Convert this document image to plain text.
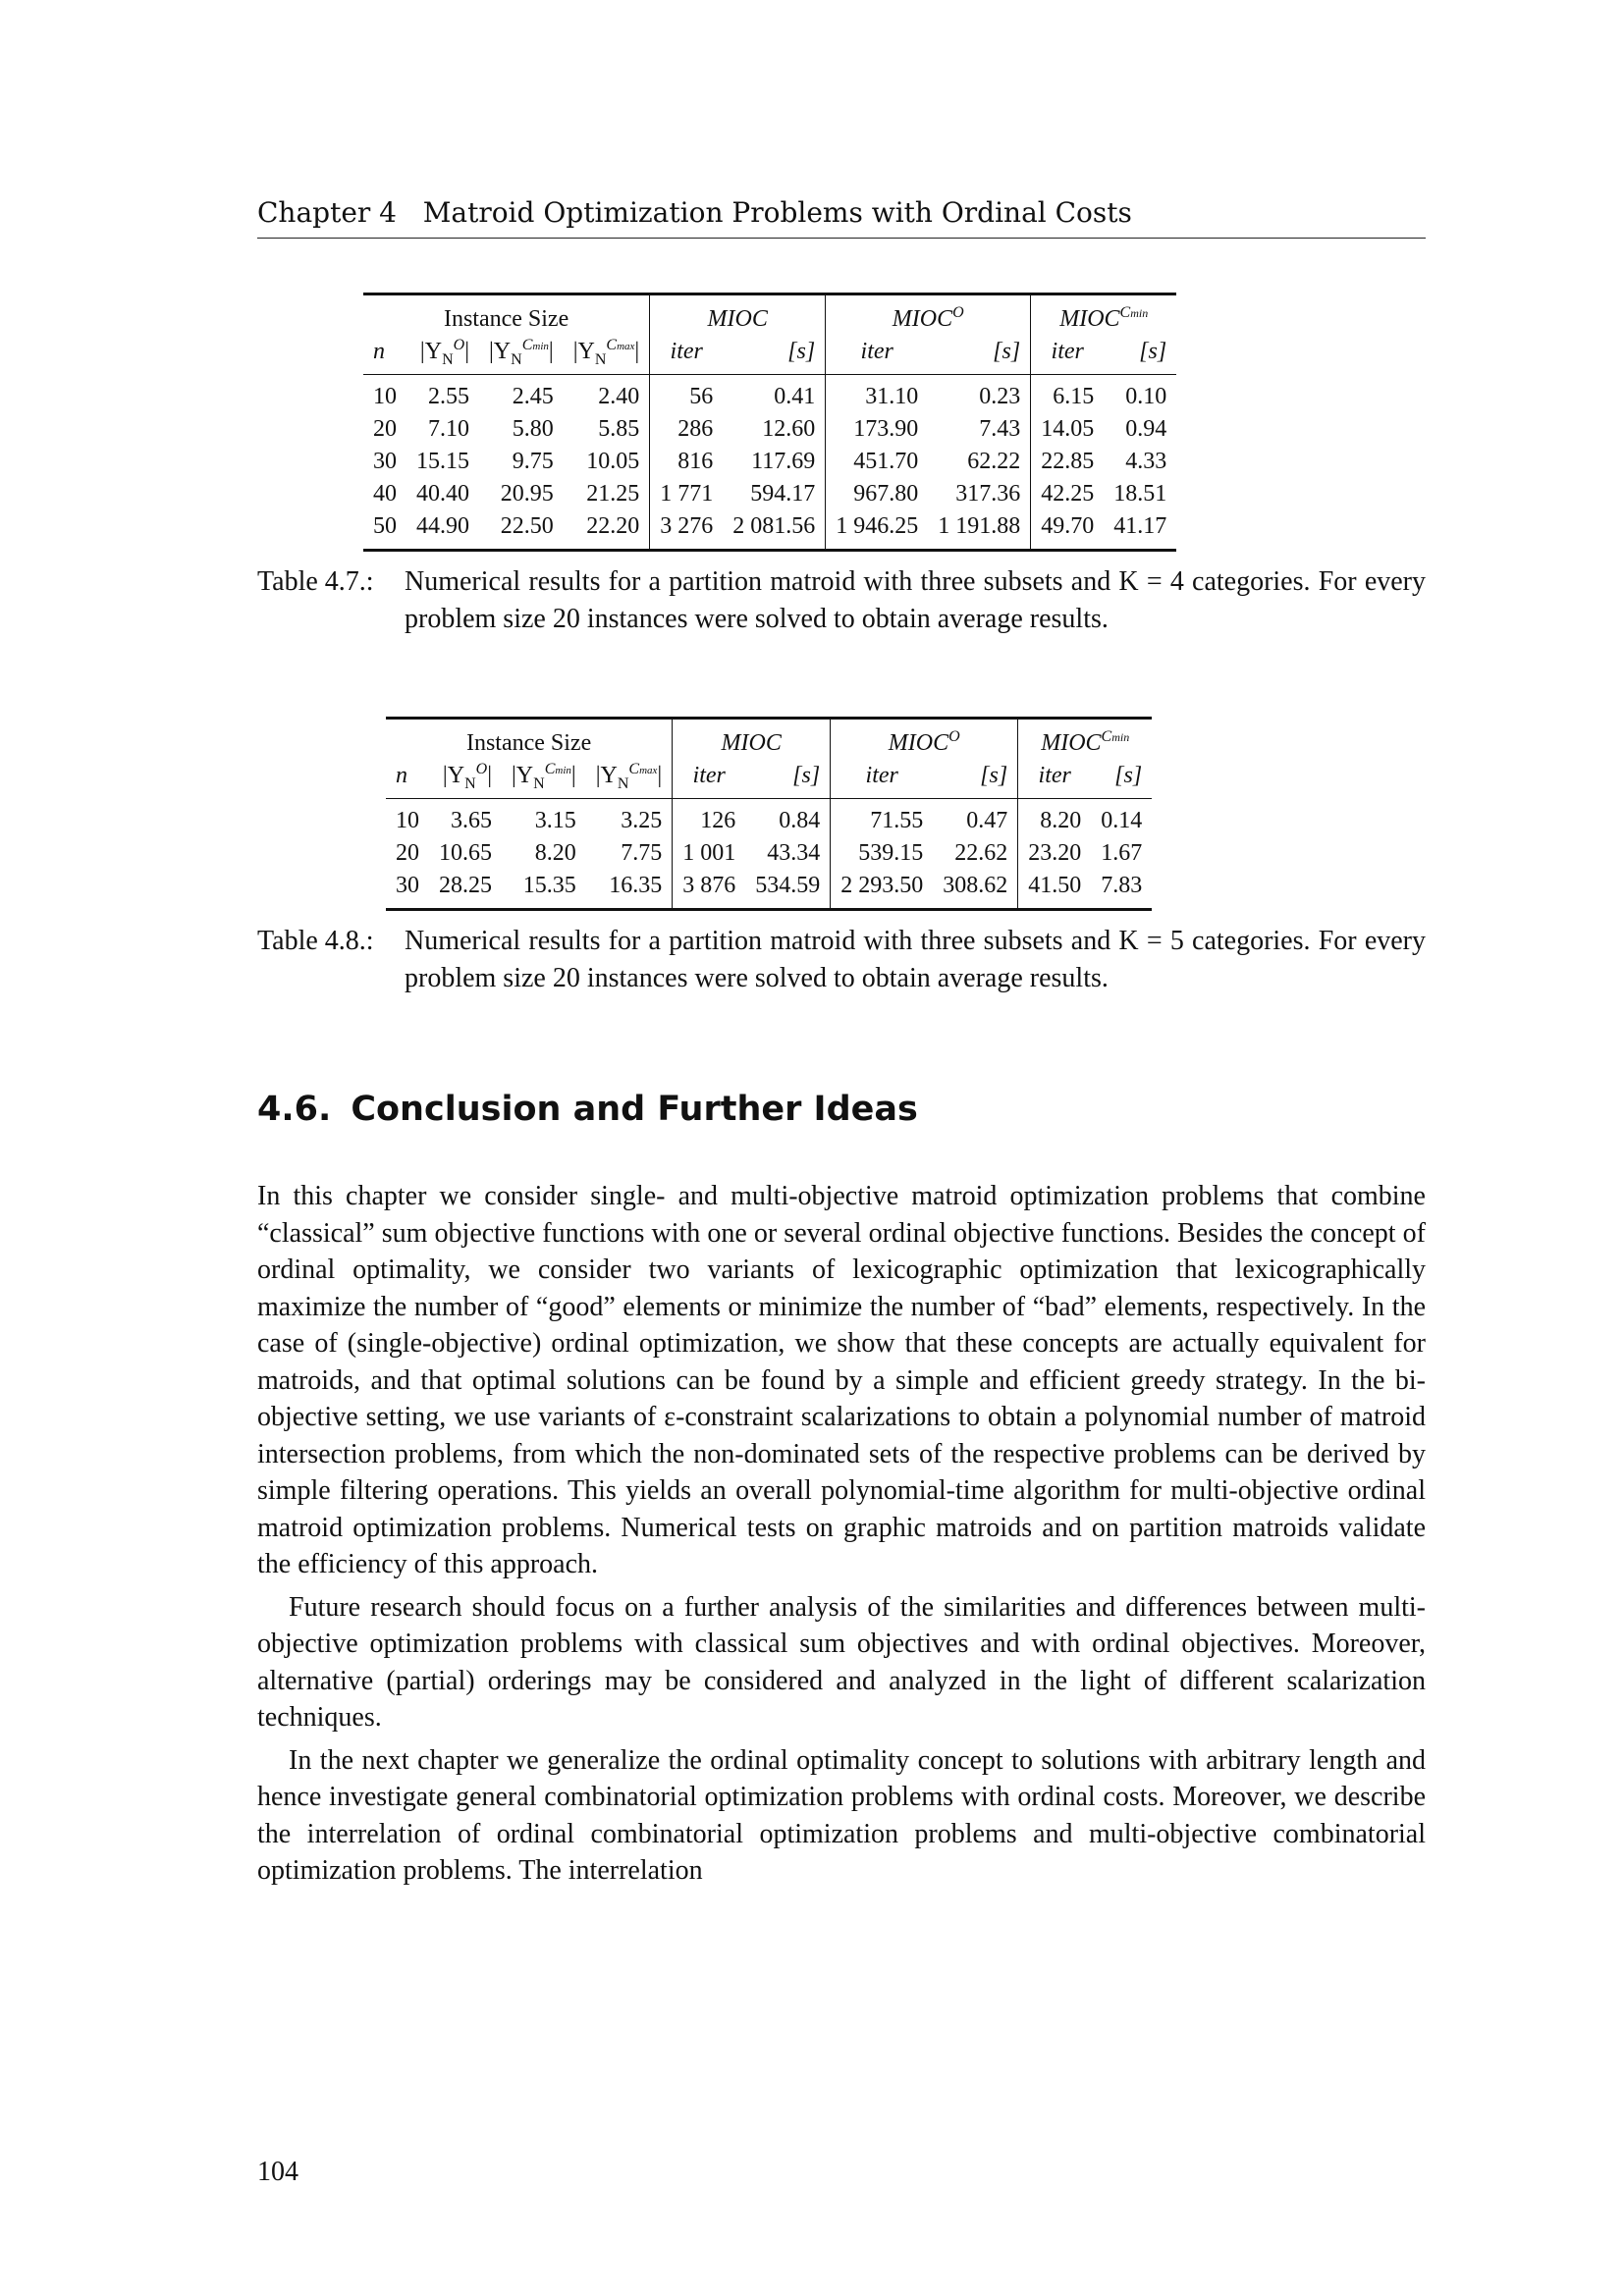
Chapter 4 Matroid Optimization Problems with Ordinal Costs
Instance Size				MIOC		$MIOC^O$		$MIOC^{Cmin}$
n	$|Y_N^O|$	$|Y_N^{Cmin}|$	$|Y_N^{Cmax}|$	iter	[s]	iter	[s]	iter	[s]
10	2.55	2.45	2.40	56	0.41	31.10	0.23	6.15	0.10
20	7.10	5.80	5.85	286	12.60	173.90	7.43	14.05	0.94
30	15.15	9.75	10.05	816	117.69	451.70	62.22	22.85	4.33
40	40.40	20.95	21.25	1 771	594.17	967.80	317.36	42.25	18.51
50	44.90	22.50	22.20	3 276	2 081.56	1 946.25	1 191.88	49.70	41.17
Table 4.7.: Numerical results for a partition matroid with three subsets and K = 4 categories. For every problem size 20 instances were solved to obtain average results.
Instance Size				MIOC		$MIOC^O$		$MIOC^{Cmin}$
n	$|Y_N^O|$	$|Y_N^{Cmin}|$	$|Y_N^{Cmax}|$	iter	[s]	iter	[s]	iter	[s]
10	3.65	3.15	3.25	126	0.84	71.55	0.47	8.20	0.14
20	10.65	8.20	7.75	1 001	43.34	539.15	22.62	23.20	1.67
30	28.25	15.35	16.35	3 876	534.59	2 293.50	308.62	41.50	7.83
Table 4.8.: Numerical results for a partition matroid with three subsets and K = 5 categories. For every problem size 20 instances were solved to obtain average results.
4.6. Conclusion and Further Ideas

In this chapter we consider single- and multi-objective matroid optimization problems that combine “classical” sum objective functions with one or several ordinal objective functions. Besides the concept of ordinal optimality, we consider two variants of lexicographic optimization that lexicographically maximize the number of “good” elements or minimize the number of “bad” elements, respectively. In the case of (single-objective) ordinal optimization, we show that these concepts are actually equivalent for matroids, and that optimal solutions can be found by a simple and efficient greedy strategy. In the bi-objective setting, we use variants of ε-constraint scalarizations to obtain a polynomial number of matroid intersection problems, from which the non-dominated sets of the respective problems can be derived by simple filtering operations. This yields an overall polynomial-time algorithm for multi-objective ordinal matroid optimization problems. Numerical tests on graphic matroids and on partition matroids validate the efficiency of this approach.

Future research should focus on a further analysis of the similarities and differences between multi-objective optimization problems with classical sum objectives and with ordinal objectives. Moreover, alternative (partial) orderings may be considered and analyzed in the light of different scalarization techniques.

In the next chapter we generalize the ordinal optimality concept to solutions with arbitrary length and hence investigate general combinatorial optimization problems with ordinal costs. Moreover, we describe the interrelation of ordinal combinatorial optimization problems and multi-objective combinatorial optimization problems. The interrelation

104
